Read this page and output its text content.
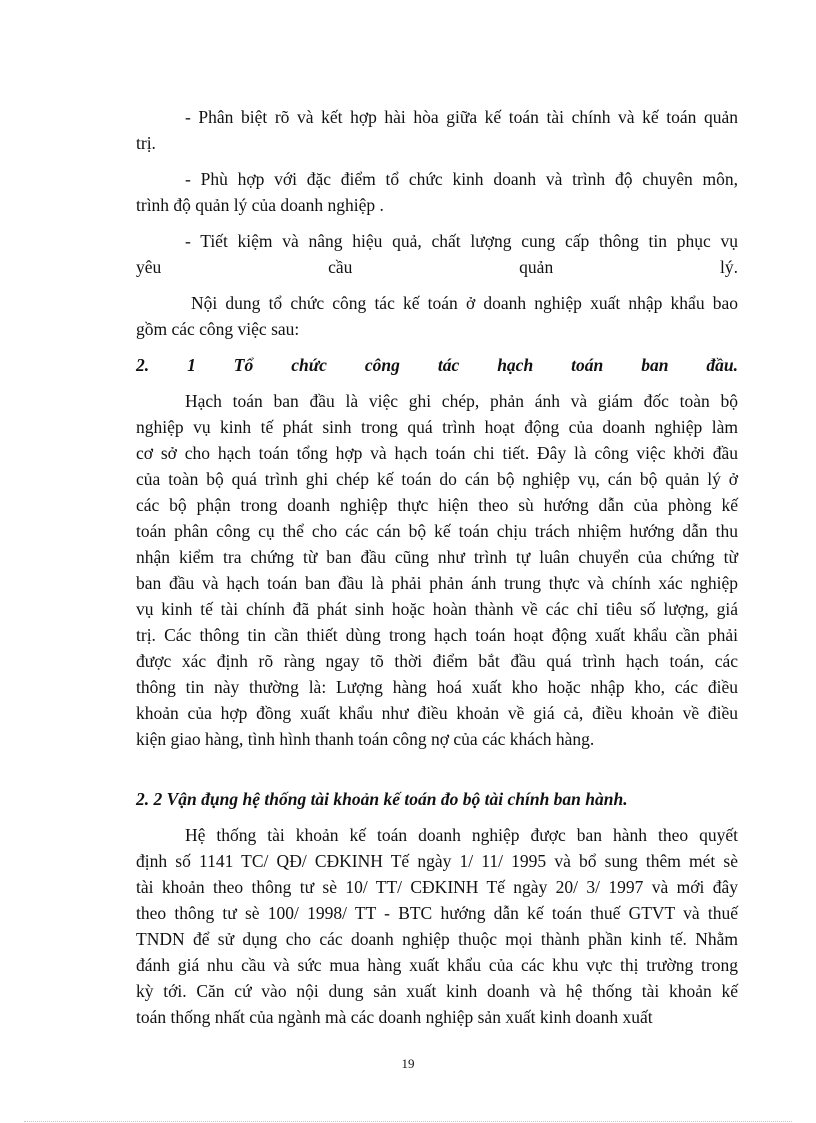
- Phân biệt rõ và kết hợp hài hòa giữa kế toán tài chính và kế toán quản
trị.
- Phù hợp với đặc điểm tổ chức kinh doanh và trình độ chuyên môn,
trình độ quản lý của doanh nghiệp .
- Tiết kiệm và nâng hiệu quả, chất lượng cung cấp thông tin phục vụ
yêu cầu quản lý.
Nội dung tổ chức công tác kế toán ở doanh nghiệp xuất nhập khẩu bao
gồm các công việc sau:
2. 1 Tổ chức công tác hạch toán ban đầu.
Hạch toán ban đầu là việc ghi chép, phản ánh và giám đốc toàn bộ
nghiệp vụ kinh tế phát sinh trong quá trình hoạt động của doanh nghiệp làm
cơ sở cho hạch toán tổng hợp và hạch toán chi tiết. Đây là công việc khởi đầu
của toàn bộ quá trình ghi chép kế toán do cán bộ nghiệp vụ, cán bộ quản lý ở
các bộ phận trong doanh nghiệp thực hiện theo sù hướng dẫn của phòng kế
toán phân công cụ thể cho các cán bộ kế toán chịu trách nhiệm hướng dẫn thu
nhận kiểm tra chứng từ ban đầu cũng như trình tự luân chuyển của chứng từ
ban đầu và hạch toán ban đầu là phải phản ánh trung thực và chính xác nghiệp
vụ kinh tế tài chính đã phát sinh hoặc hoàn thành về các chỉ tiêu số lượng, giá
trị. Các thông tin cần thiết dùng trong hạch toán hoạt động xuất khẩu cần phải
được xác định rõ ràng ngay tõ thời điểm bắt đầu quá trình hạch toán, các
thông tin này thường là: Lượng hàng hoá xuất kho hoặc nhập kho, các điều
khoản của hợp đồng xuất khẩu như điều khoản về giá cả, điều khoản về điều
kiện giao hàng, tình hình thanh toán công nợ của các khách hàng.
2. 2 Vận đụng hệ thống tài khoản kế toán đo bộ tài chính ban hành.
Hệ thống tài khoản kế toán doanh nghiệp được ban hành theo quyết
định số 1141 TC/ QĐ/ CĐKINH Tế ngày 1/ 11/ 1995 và bổ sung thêm mét sè
tài khoản theo thông tư sè 10/ TT/ CĐKINH Tế ngày 20/ 3/ 1997 và mới đây
theo thông tư sè 100/ 1998/ TT - BTC hướng dẫn kế toán thuế GTVT và thuế
TNDN để sử dụng cho các doanh nghiệp thuộc mọi thành phần kinh tế. Nhằm
đánh giá nhu cầu và sức mua hàng xuất khẩu của các khu vực thị trường trong
kỳ tới. Căn cứ vào nội dung sản xuất kinh doanh và hệ thống tài khoản kế
toán thống nhất của ngành mà các doanh nghiệp sản xuất kinh doanh xuất
19
